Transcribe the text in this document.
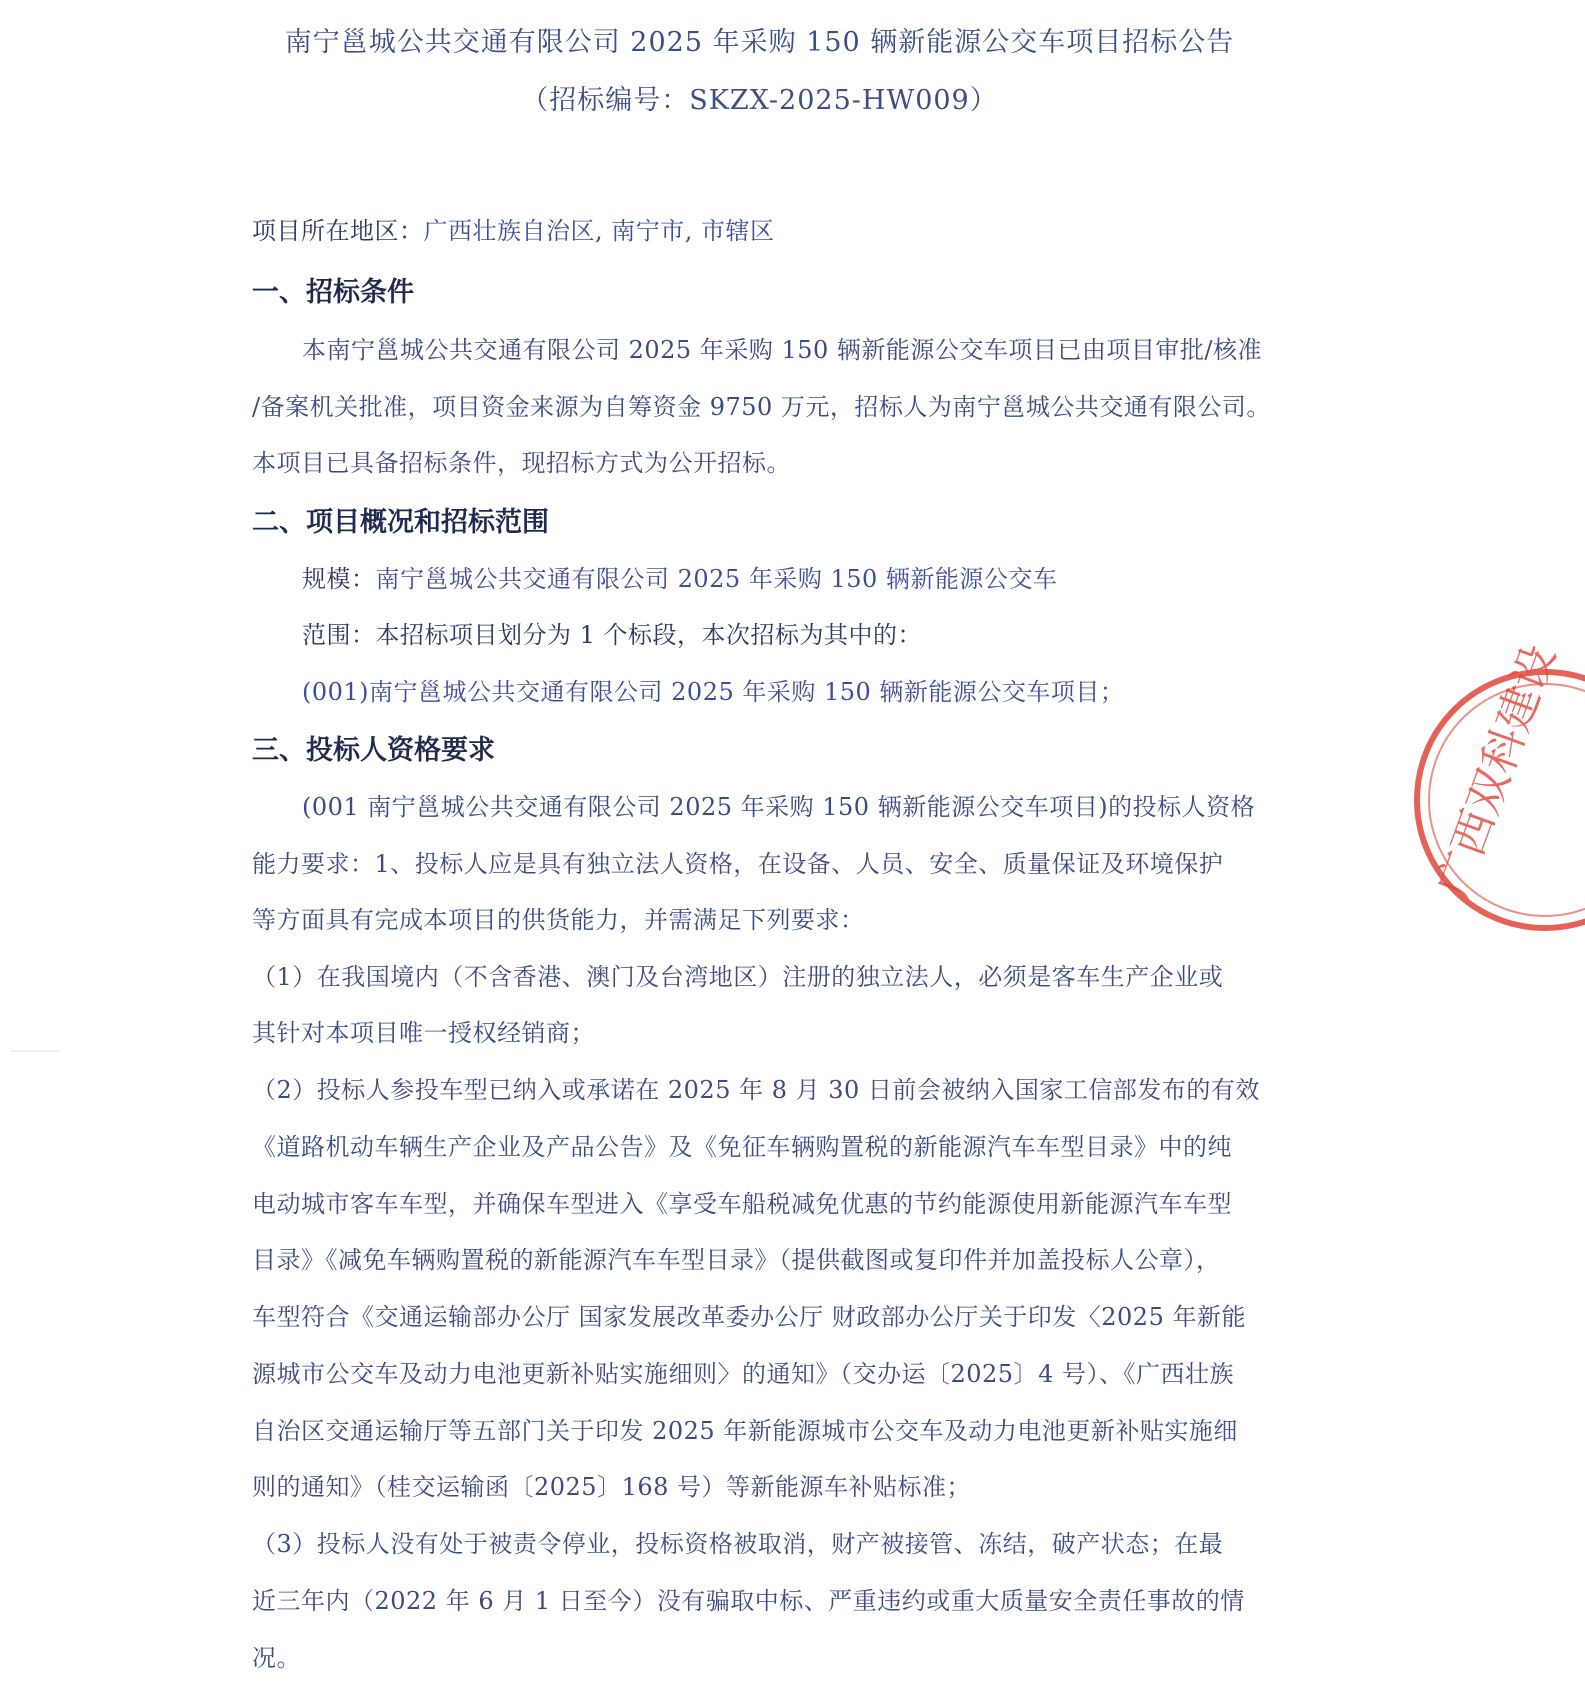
南宁邕城公共交通有限公司 2025 年采购 150 辆新能源公交车项目招标公告
（招标编号：SKZX-2025-HW009）
项目所在地区：广西壮族自治区, 南宁市, 市辖区
一、招标条件
本南宁邕城公共交通有限公司 2025 年采购 150 辆新能源公交车项目已由项目审批/核准
/备案机关批准，项目资金来源为自筹资金 9750 万元，招标人为南宁邕城公共交通有限公司。
本项目已具备招标条件，现招标方式为公开招标。
二、项目概况和招标范围
规模：南宁邕城公共交通有限公司 2025 年采购 150 辆新能源公交车
范围：本招标项目划分为 1 个标段，本次招标为其中的：
(001)南宁邕城公共交通有限公司 2025 年采购 150 辆新能源公交车项目；
三、投标人资格要求
(001 南宁邕城公共交通有限公司 2025 年采购 150 辆新能源公交车项目)的投标人资格
能力要求：1、投标人应是具有独立法人资格，在设备、人员、安全、质量保证及环境保护
等方面具有完成本项目的供货能力，并需满足下列要求：
（1）在我国境内（不含香港、澳门及台湾地区）注册的独立法人，必须是客车生产企业或
其针对本项目唯一授权经销商；
（2）投标人参投车型已纳入或承诺在 2025 年 8 月 30 日前会被纳入国家工信部发布的有效
《道路机动车辆生产企业及产品公告》及《免征车辆购置税的新能源汽车车型目录》中的纯
电动城市客车车型，并确保车型进入《享受车船税减免优惠的节约能源使用新能源汽车车型
目录》《减免车辆购置税的新能源汽车车型目录》（提供截图或复印件并加盖投标人公章），
车型符合《交通运输部办公厅 国家发展改革委办公厅 财政部办公厅关于印发〈2025 年新能
源城市公交车及动力电池更新补贴实施细则〉的通知》（交办运〔2025〕4 号）、《广西壮族
自治区交通运输厅等五部门关于印发 2025 年新能源城市公交车及动力电池更新补贴实施细
则的通知》（桂交运输函〔2025〕168 号）等新能源车补贴标准；
（3）投标人没有处于被责令停业，投标资格被取消，财产被接管、冻结，破产状态；在最
近三年内（2022 年 6 月 1 日至今）没有骗取中标、严重违约或重大质量安全责任事故的情
况。
广西双科建设
